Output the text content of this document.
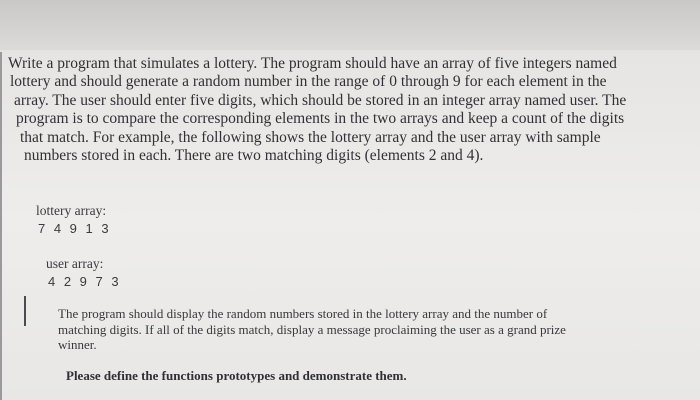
Write a program that simulates a lottery. The program should have an array of five integers named
lottery and should generate a random number in the range of 0 through 9 for each element in the
array. The user should enter five digits, which should be stored in an integer array named user. The
program is to compare the corresponding elements in the two arrays and keep a count of the digits
that match. For example, the following shows the lottery array and the user array with sample
numbers stored in each. There are two matching digits (elements 2 and 4).
lottery array:
7 4 9 1 3
user array:
4 2 9 7 3
The program should display the random numbers stored in the lottery array and the number of
matching digits. If all of the digits match, display a message proclaiming the user as a grand prize
winner.
Please define the functions prototypes and demonstrate them.
